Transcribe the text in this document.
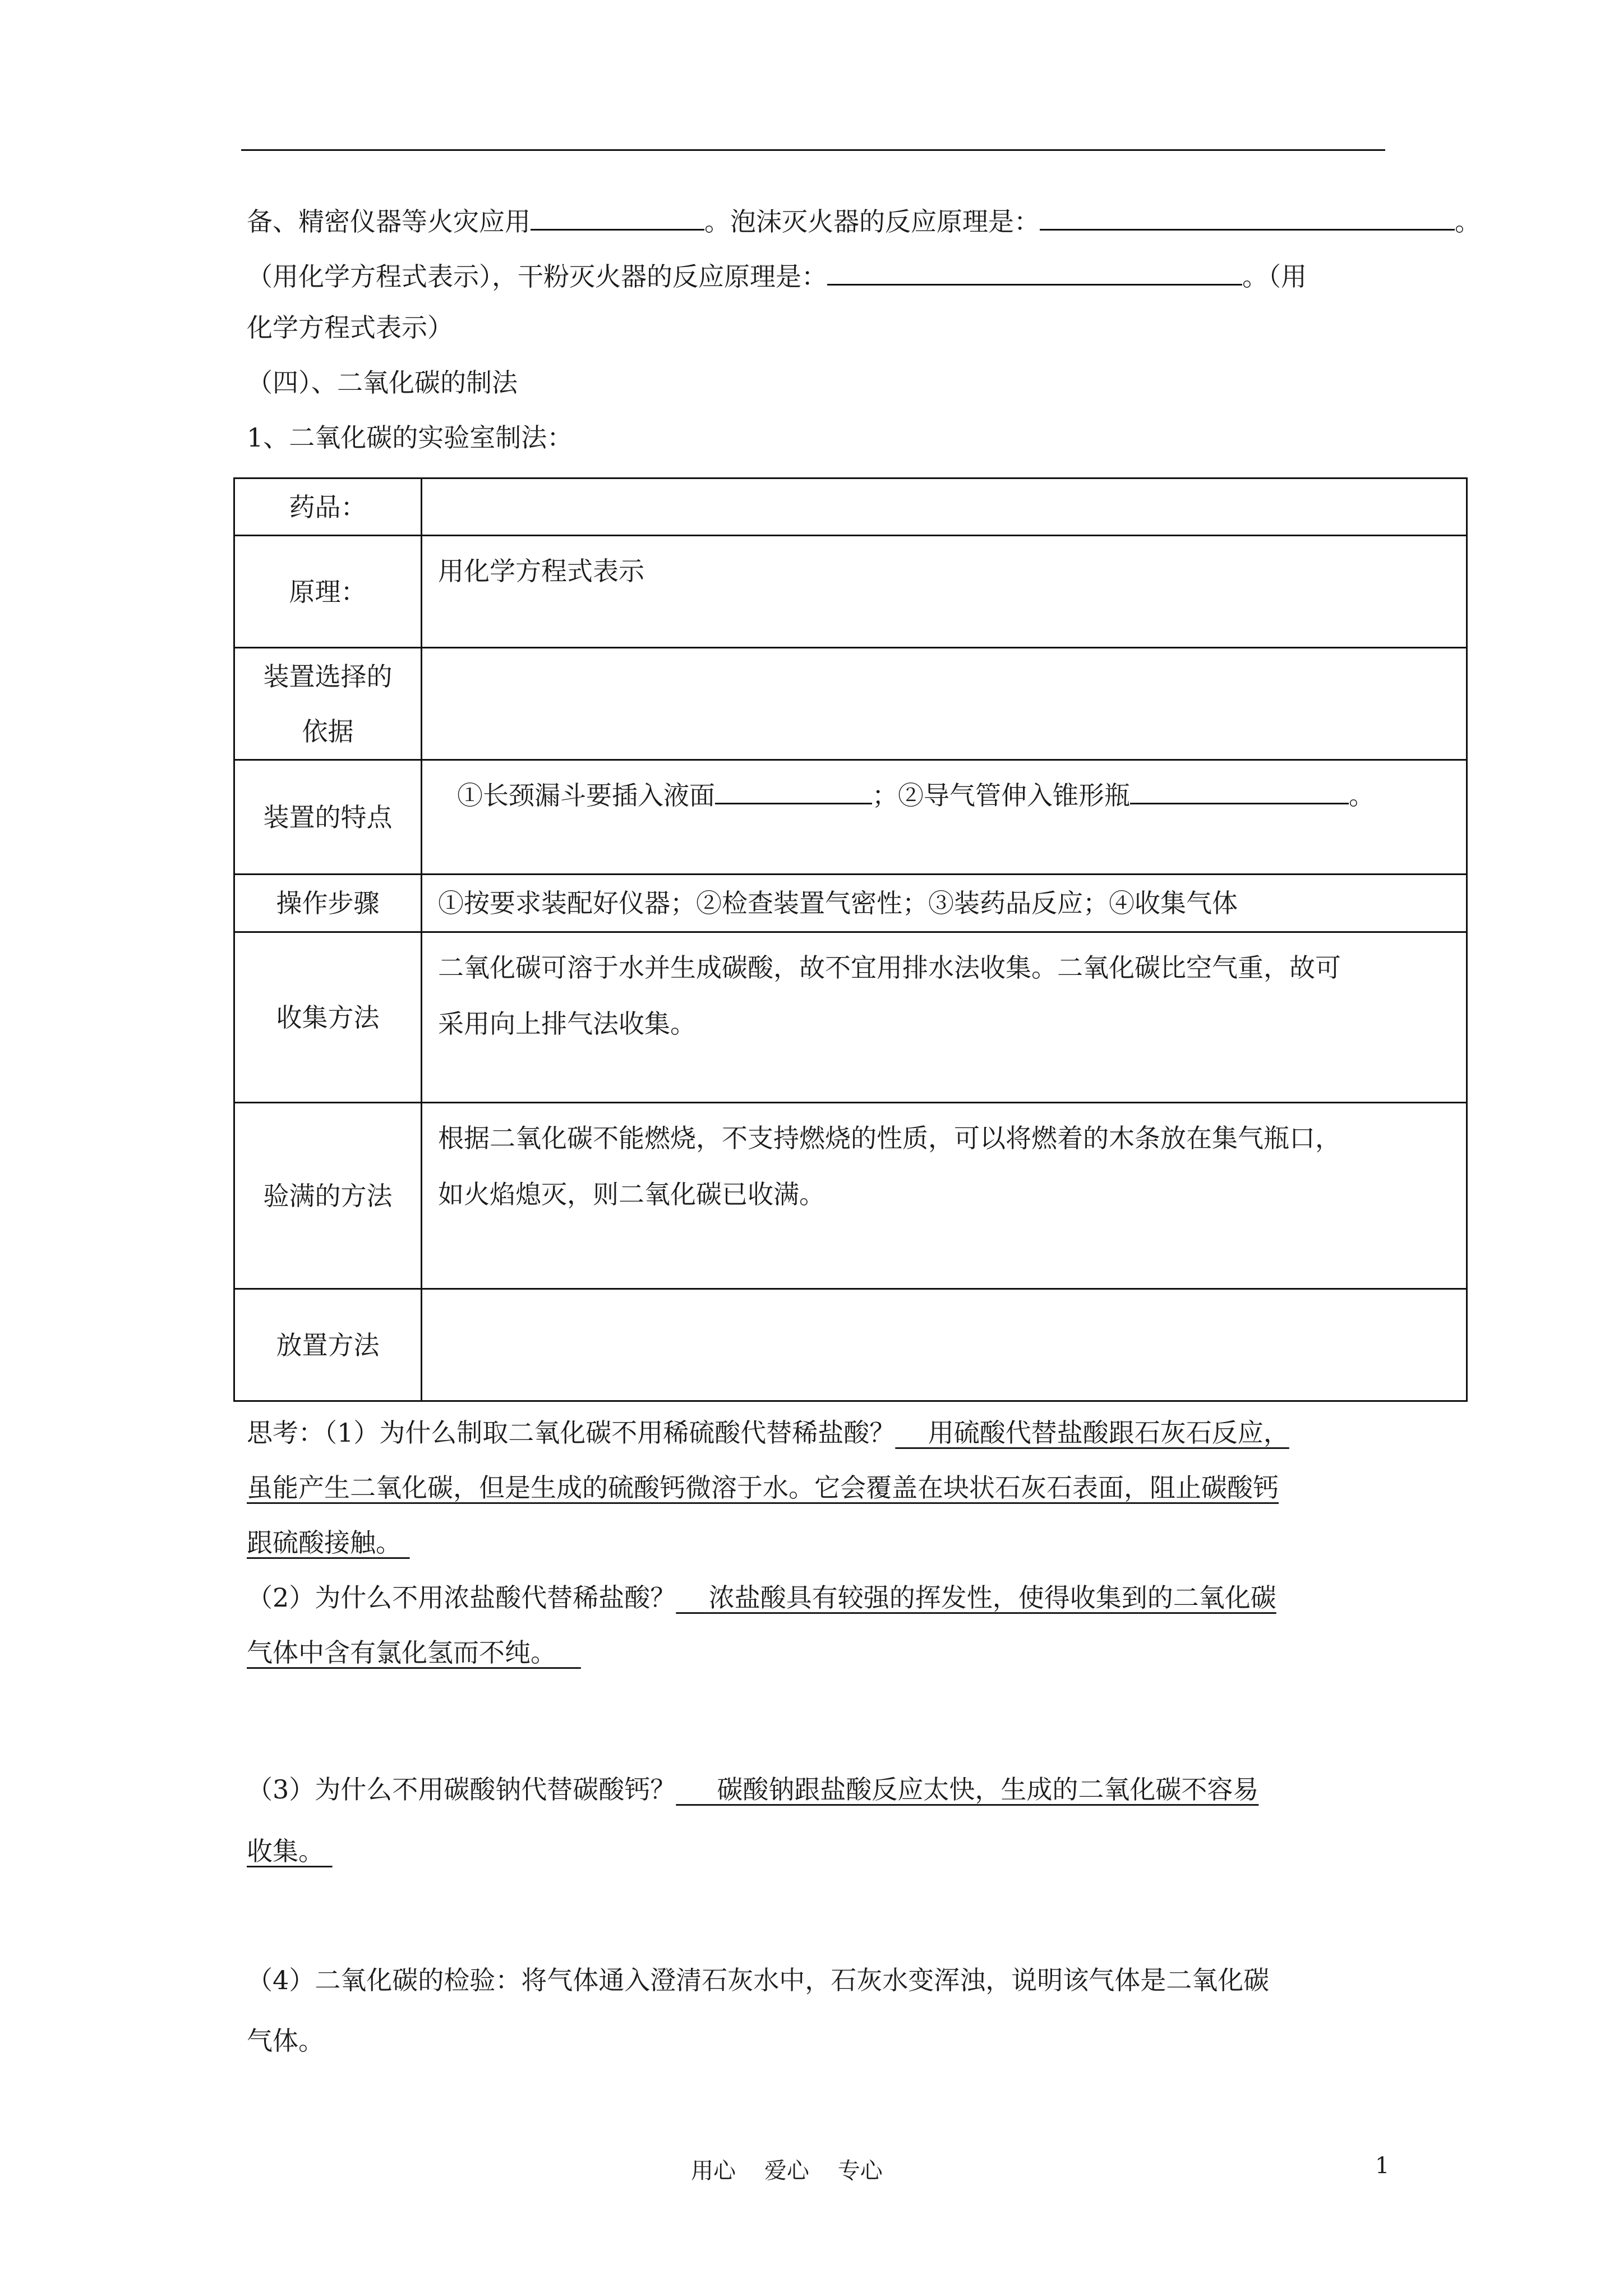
备、精密仪器等火灾应用	。泡沫灭火器的反应原理是：	。
（用化学方程式表示），干粉灭火器的反应原理是：	。（用
化学方程式表示）
（四）、二氧化碳的制法
1、二氧化碳的实验室制法：
药品：	
原理：	用化学方程式表示

装置选择的
依据	

装置的特点	①长颈漏斗要插入液面 ；②导气管伸入锥形瓶 。
操作步骤	①按要求装配好仪器；②检查装置气密性；③装药品反应；④收集气体
收集方法	二氧化碳可溶于水并生成碳酸，故不宜用排水法收集。二氧化碳比空气重，故可
采用向上排气法收集。

验满的方法	根据二氧化碳不能燃烧，不支持燃烧的性质，可以将燃着的木条放在集气瓶口，
如火焰熄灭，则二氧化碳已收满。

放置方法	
思考：（1）为什么制取二氧化碳不用稀硫酸代替稀盐酸？    用硫酸代替盐酸跟石灰石反应，
虽能产生二氧化碳，但是生成的硫酸钙微溶于水。它会覆盖在块状石灰石表面，阻止碳酸钙
跟硫酸接触。
（2）为什么不用浓盐酸代替稀盐酸？    浓盐酸具有较强的挥发性，使得收集到的二氧化碳
气体中含有氯化氢而不纯。
（3）为什么不用碳酸钠代替碳酸钙？     碳酸钠跟盐酸反应太快，生成的二氧化碳不容易
收集。
（4）二氧化碳的检验：将气体通入澄清石灰水中，石灰水变浑浊，说明该气体是二氧化碳
气体。
用心    爱心    专心	1
